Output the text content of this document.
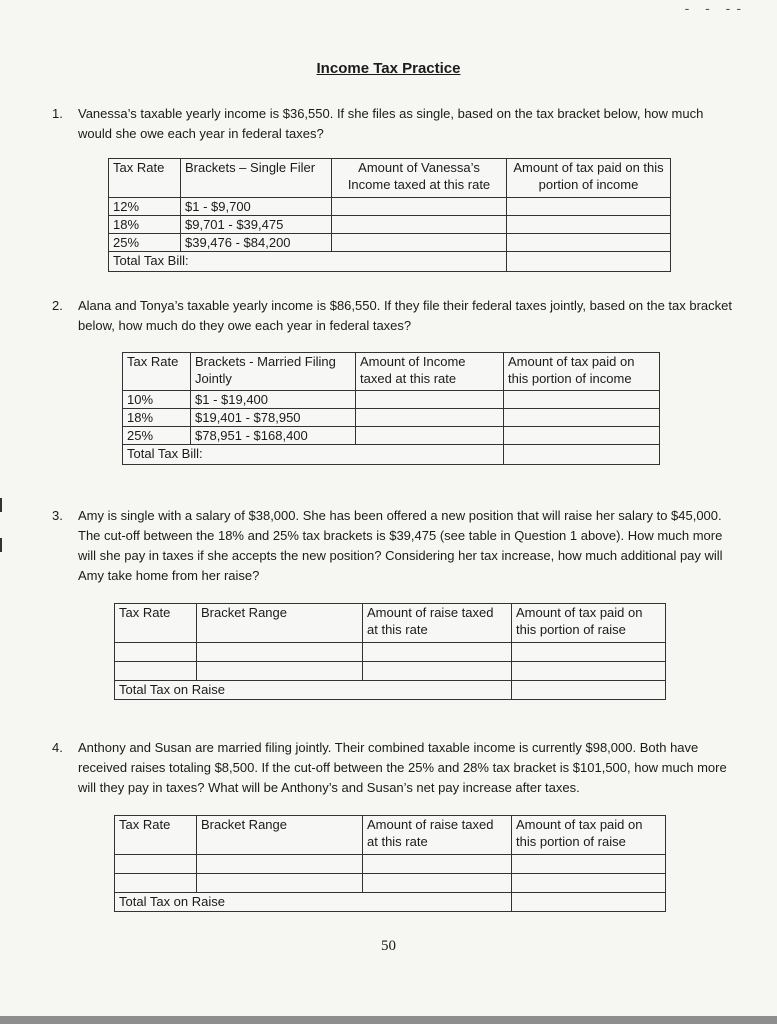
- - --
Income Tax Practice
1. Vanessa’s taxable yearly income is $36,550. If she files as single, based on the tax bracket below, how much would she owe each year in federal taxes?
Tax Rate	Brackets – Single Filer	Amount of Vanessa’s Income taxed at this rate	Amount of tax paid on this portion of income
12%	$1 - $9,700		
18%	$9,701 - $39,475		
25%	$39,476 - $84,200		
Total Tax Bill:			
2. Alana and Tonya’s taxable yearly income is $86,550. If they file their federal taxes jointly, based on the tax bracket below, how much do they owe each year in federal taxes?
Tax Rate	Brackets - Married Filing Jointly	Amount of Income taxed at this rate	Amount of tax paid on this portion of income
10%	$1 - $19,400		
18%	$19,401 - $78,950		
25%	$78,951 - $168,400		
Total Tax Bill:			
3. Amy is single with a salary of $38,000. She has been offered a new position that will raise her salary to $45,000. The cut-off between the 18% and 25% tax brackets is $39,475 (see table in Question 1 above). How much more will she pay in taxes if she accepts the new position? Considering her tax increase, how much additional pay will Amy take home from her raise?
Tax Rate	Bracket Range	Amount of raise taxed at this rate	Amount of tax paid on this portion of raise

Total Tax on Raise			
4. Anthony and Susan are married filing jointly. Their combined taxable income is currently $98,000. Both have received raises totaling $8,500. If the cut-off between the 25% and 28% tax bracket is $101,500, how much more will they pay in taxes? What will be Anthony’s and Susan’s net pay increase after taxes.
Tax Rate	Bracket Range	Amount of raise taxed at this rate	Amount of tax paid on this portion of raise

Total Tax on Raise			
50
